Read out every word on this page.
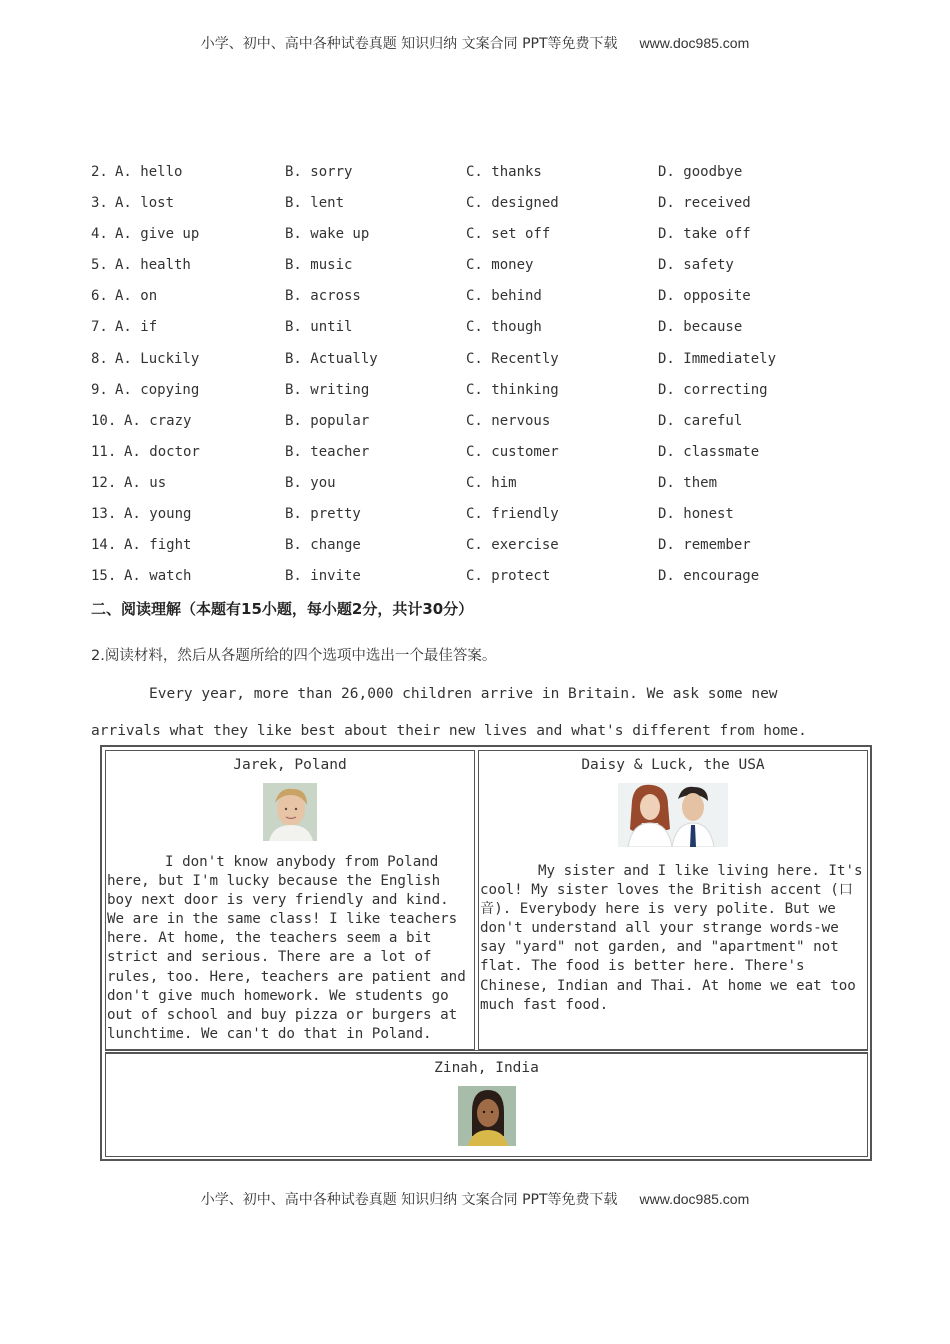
小学、初中、高中各种试卷真题 知识归纳 文案合同 PPT等免费下载 www.doc985.com
2. A. hello	B. sorry	C. thanks	D. goodbye
3. A. lost	B. lent	C. designed	D. received
4. A. give up	B. wake up	C. set off	D. take off
5. A. health	B. music	C. money	D. safety
6. A. on	B. across	C. behind	D. opposite
7. A. if	B. until	C. though	D. because
8. A. Luckily	B. Actually	C. Recently	D. Immediately
9. A. copying	B. writing	C. thinking	D. correcting
10. A. crazy	B. popular	C. nervous	D. careful
11. A. doctor	B. teacher	C. customer	D. classmate
12. A. us	B. you	C. him	D. them
13. A. young	B. pretty	C. friendly	D. honest
14. A. fight	B. change	C. exercise	D. remember
15. A. watch	B. invite	C. protect	D. encourage
二、阅读理解（本题有15小题，每小题2分，共计30分）
2.阅读材料，然后从各题所给的四个选项中选出一个最佳答案。
Every year, more than 26,000 children arrive in Britain. We ask some new arrivals what they like best about their new lives and what's different from home.
Jarek, Poland
I don't know anybody from Poland here, but I'm lucky because the English boy next door is very friendly and kind. We are in the same class! I like teachers here. At home, the teachers seem a bit strict and serious. There are a lot of rules, too. Here, teachers are patient and don't give much homework. We students go out of school and buy pizza or burgers at lunchtime. We can't do that in Poland.
Daisy & Luck, the USA
My sister and I like living here. It's cool! My sister loves the British accent (口音). Everybody here is very polite. But we don't understand all your strange words-we say "yard" not garden, and "apartment" not flat. The food is better here. There's Chinese, Indian and Thai. At home we eat too much fast food.
Zinah, India
小学、初中、高中各种试卷真题 知识归纳 文案合同 PPT等免费下载 www.doc985.com
